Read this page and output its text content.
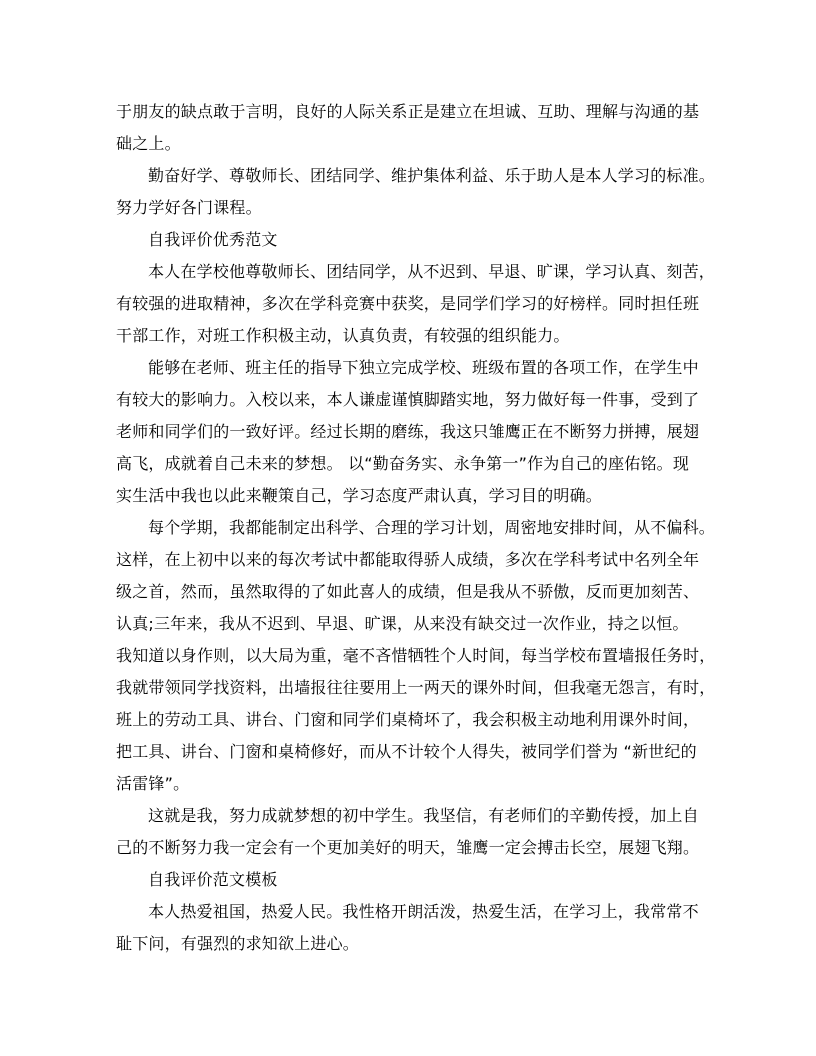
于朋友的缺点敢于言明，良好的人际关系正是建立在坦诚、互助、理解与沟通的基
础之上。
勤奋好学、尊敬师长、团结同学、维护集体利益、乐于助人是本人学习的标准。
努力学好各门课程。
自我评价优秀范文
本人在学校他尊敬师长、团结同学，从不迟到、早退、旷课，学习认真、刻苦，
有较强的进取精神，多次在学科竞赛中获奖，是同学们学习的好榜样。同时担任班
干部工作，对班工作积极主动，认真负责，有较强的组织能力。
能够在老师、班主任的指导下独立完成学校、班级布置的各项工作，在学生中
有较大的影响力。入校以来，本人谦虚谨慎脚踏实地，努力做好每一件事，受到了
老师和同学们的一致好评。经过长期的磨练，我这只雏鹰正在不断努力拼搏，展翅
高飞，成就着自己未来的梦想。 以“勤奋务实、永争第一”作为自己的座佑铭。现
实生活中我也以此来鞭策自己，学习态度严肃认真，学习目的明确。
每个学期，我都能制定出科学、合理的学习计划，周密地安排时间，从不偏科。
这样，在上初中以来的每次考试中都能取得骄人成绩，多次在学科考试中名列全年
级之首，然而，虽然取得的了如此喜人的成绩，但是我从不骄傲，反而更加刻苦、
认真;三年来，我从不迟到、早退、旷课，从来没有缺交过一次作业，持之以恒。
我知道以身作则，以大局为重，毫不吝惜牺牲个人时间，每当学校布置墙报任务时，
我就带领同学找资料，出墙报往往要用上一两天的课外时间，但我毫无怨言，有时，
班上的劳动工具、讲台、门窗和同学们桌椅坏了，我会积极主动地利用课外时间，
把工具、讲台、门窗和桌椅修好，而从不计较个人得失，被同学们誉为 “新世纪的
活雷锋”。
这就是我，努力成就梦想的初中学生。我坚信，有老师们的辛勤传授，加上自
己的不断努力我一定会有一个更加美好的明天，雏鹰一定会搏击长空，展翅飞翔。
自我评价范文模板
本人热爱祖国，热爱人民。我性格开朗活泼，热爱生活，在学习上，我常常不
耻下问，有强烈的求知欲上进心。
